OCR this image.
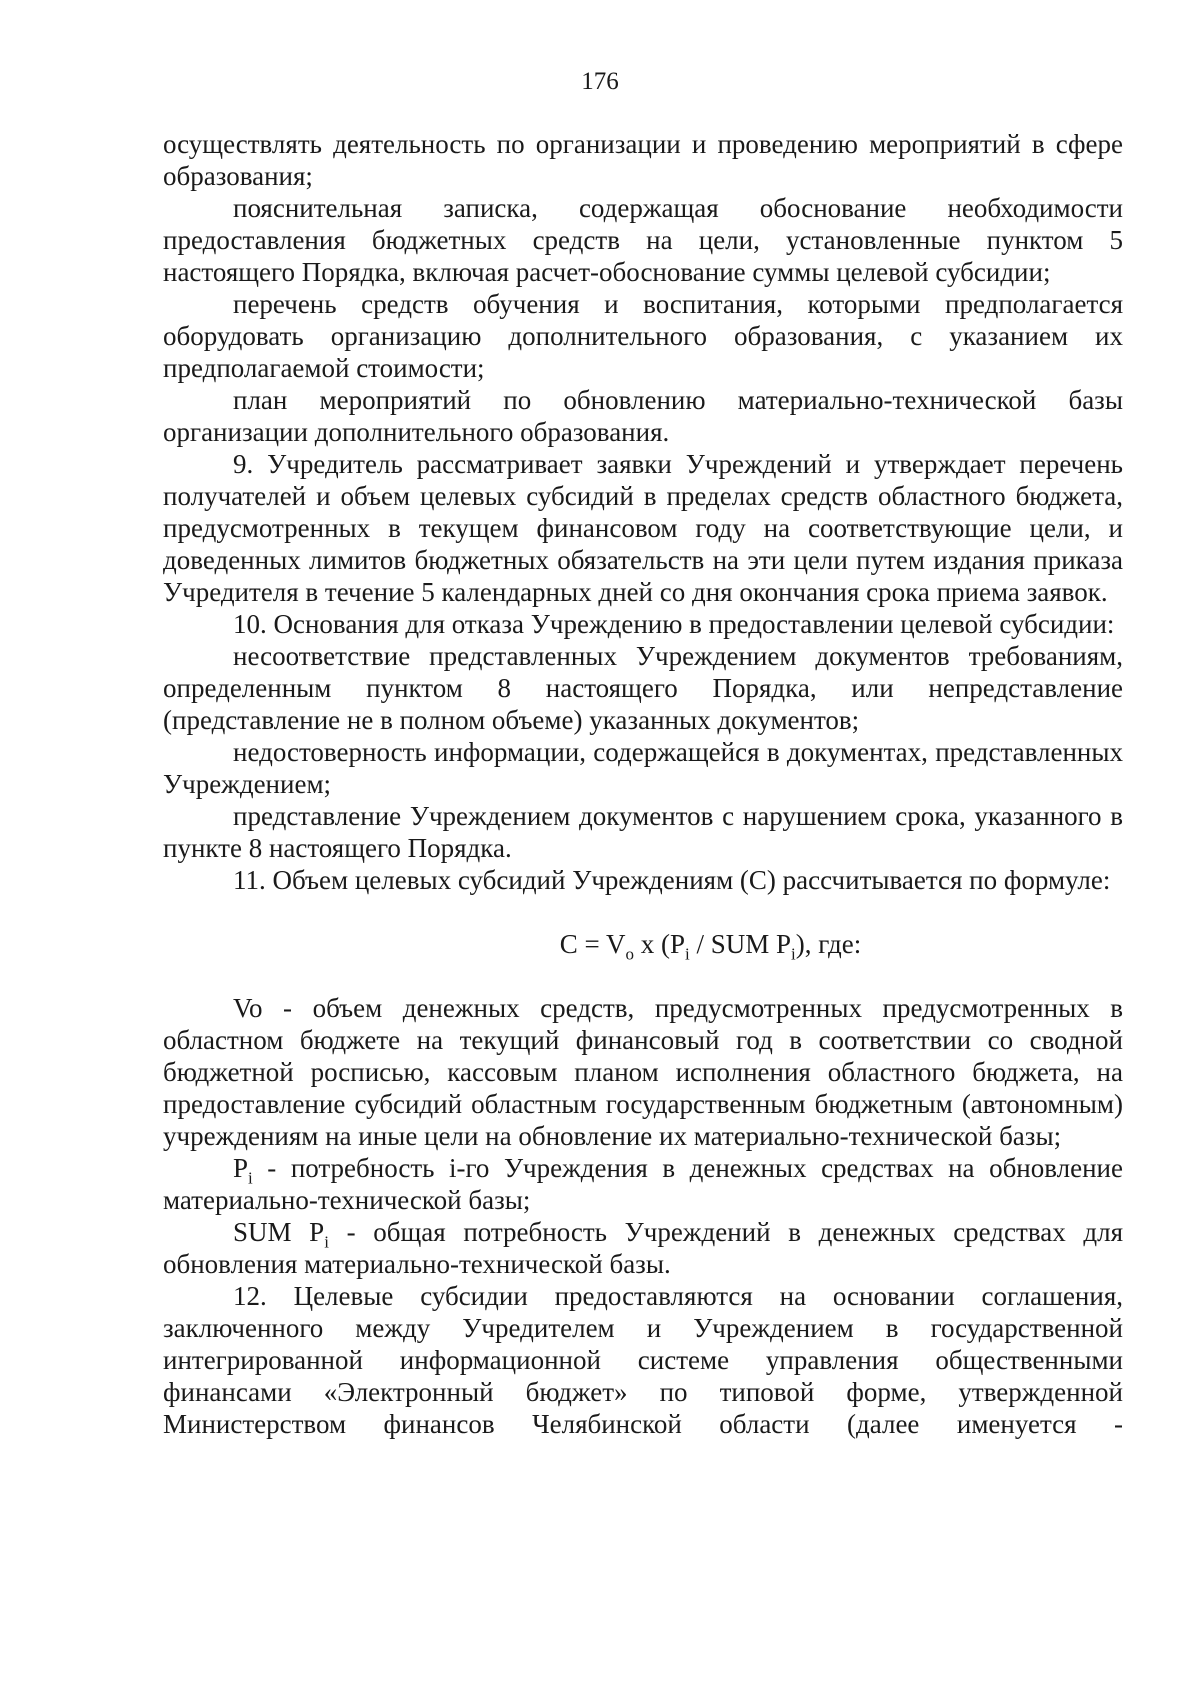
176

осуществлять деятельность по организации и проведению мероприятий в сфере образования;

пояснительная записка, содержащая обоснование необходимости предоставления бюджетных средств на цели, установленные пунктом 5 настоящего Порядка, включая расчет-обоснование суммы целевой субсидии;

перечень средств обучения и воспитания, которыми предполагается оборудовать организацию дополнительного образования, с указанием их предполагаемой стоимости;

план мероприятий по обновлению материально-технической базы организации дополнительного образования.

9. Учредитель рассматривает заявки Учреждений и утверждает перечень получателей и объем целевых субсидий в пределах средств областного бюджета, предусмотренных в текущем финансовом году на соответствующие цели, и доведенных лимитов бюджетных обязательств на эти цели путем издания приказа Учредителя в течение 5 календарных дней со дня окончания срока приема заявок.

10. Основания для отказа Учреждению в предоставлении целевой субсидии:

несоответствие представленных Учреждением документов требованиям, определенным пунктом 8 настоящего Порядка, или непредставление (представление не в полном объеме) указанных документов;

недостоверность информации, содержащейся в документах, представленных Учреждением;

представление Учреждением документов с нарушением срока, указанного в пункте 8 настоящего Порядка.

11. Объем целевых субсидий Учреждениям (С) рассчитывается по формуле:

$C = V_o$ x ($P_i$ / SUM $P_i$), где:

Vo - объем денежных средств, предусмотренных предусмотренных в областном бюджете на текущий финансовый год в соответствии со сводной бюджетной росписью, кассовым планом исполнения областного бюджета, на предоставление субсидий областным государственным бюджетным (автономным) учреждениям на иные цели на обновление их материально-технической базы;

$P_i$ - потребность i-го Учреждения в денежных средствах на обновление материально-технической базы;

SUM $P_i$ - общая потребность Учреждений в денежных средствах для обновления материально-технической базы.

12. Целевые субсидии предоставляются на основании соглашения, заключенного между Учредителем и Учреждением в государственной интегрированной информационной системе управления общественными финансами «Электронный бюджет» по типовой форме, утвержденной Министерством финансов Челябинской области (далее именуется -
